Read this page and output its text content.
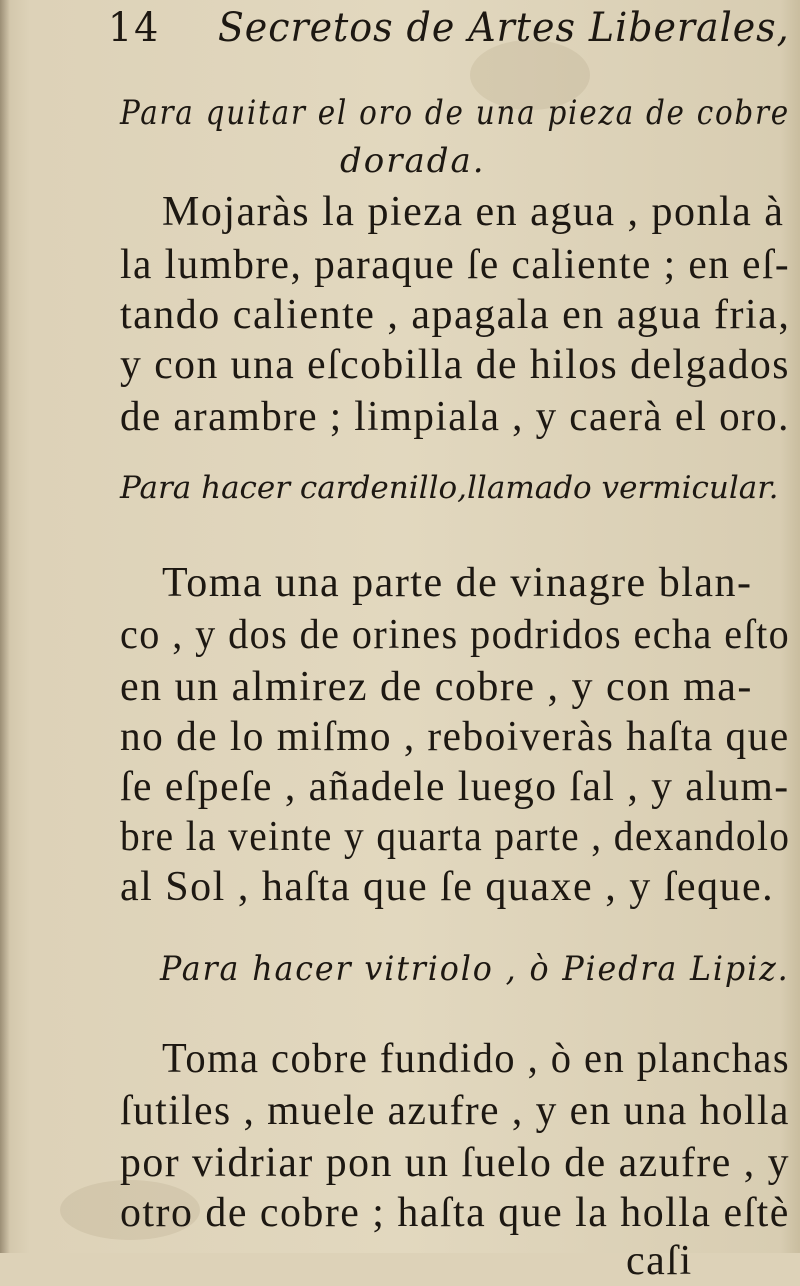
14 Secretos de Artes Liberales,
Para quitar el oro de una pieza de cobre
dorada.
Mojaràs la pieza en agua , ponla à
la lumbre, paraque ſe caliente ; en eſ-
tando caliente , apagala en agua fria,
y con una eſcobilla de hilos delgados
de arambre ; limpiala , y caerà el oro.
Para hacer cardenillo,llamado vermicular.
Toma una parte de vinagre blan-
co , y dos de orines podridos echa eſto
en un almirez de cobre , y con ma-
no de lo miſmo , reboiveràs haſta que
ſe eſpeſe , añadele luego ſal , y alum-
bre la veinte y quarta parte , dexandolo
al Sol , haſta que ſe quaxe , y ſeque.
Para hacer vitriolo , ò Piedra Lipiz.
Toma cobre fundido , ò en planchas
ſutiles , muele azufre , y en una holla
por vidriar pon un ſuelo de azufre , y
otro de cobre ; haſta que la holla eſtè
caſi
